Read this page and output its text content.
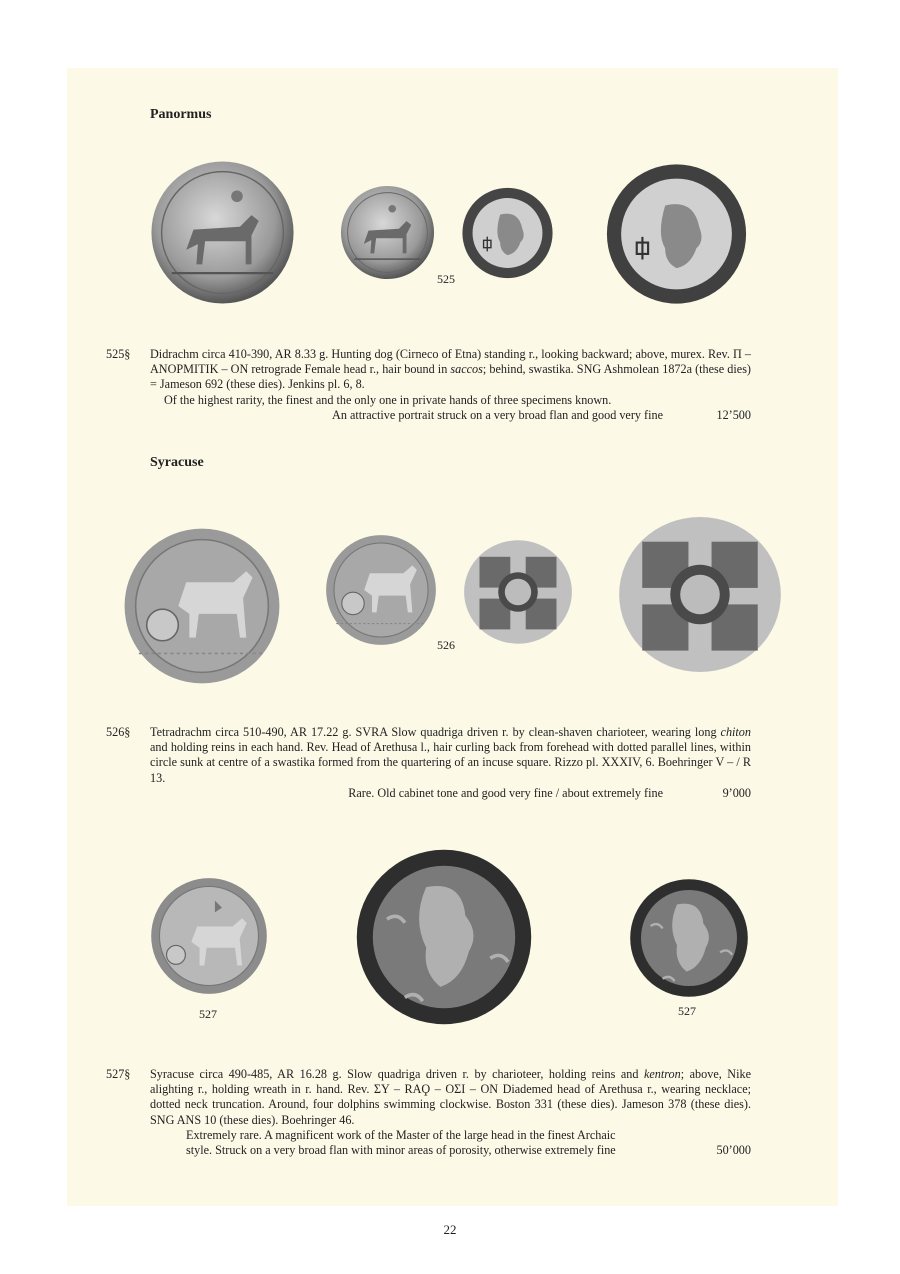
Panormus
525
525§ Didrachm circa 410-390, AR 8.33 g. Hunting dog (Cirneco of Etna) standing r., looking backward; above, murex. Rev. Π – ΑΝΟΡΜΙΤΙΚ – ΟΝ retrograde Female head r., hair bound in saccos; behind, swastika. SNG Ashmolean 1872a (these dies) = Jameson 692 (these dies). Jenkins pl. 6, 8.
Of the highest rarity, the finest and the only one in private hands of three specimens known.
An attractive portrait struck on a very broad flan and good very fine	12’500
Syracuse
526
526§ Tetradrachm circa 510-490, AR 17.22 g. SVRA Slow quadriga driven r. by clean-shaven charioteer, wearing long chiton and holding reins in each hand. Rev. Head of Arethusa l., hair curling back from forehead with dotted parallel lines, within circle sunk at centre of a swastika formed from the quartering of an incuse square. Rizzo pl. XXXIV, 6. Boehringer V – / R 13.
Rare. Old cabinet tone and good very fine / about extremely fine	9’000
527	527
527§ Syracuse circa 490-485, AR 16.28 g. Slow quadriga driven r. by charioteer, holding reins and kentron; above, Nike alighting r., holding wreath in r. hand. Rev. ΣΥ – RAϘ – ΟΣΙ – ΟΝ Diademed head of Arethusa r., wearing necklace; dotted neck truncation. Around, four dolphins swimming clockwise. Boston 331 (these dies). Jameson 378 (these dies). SNG ANS 10 (these dies). Boehringer 46.
Extremely rare. A magnificent work of the Master of the large head in the finest Archaic
style. Struck on a very broad flan with minor areas of porosity, otherwise extremely fine	50’000
22
